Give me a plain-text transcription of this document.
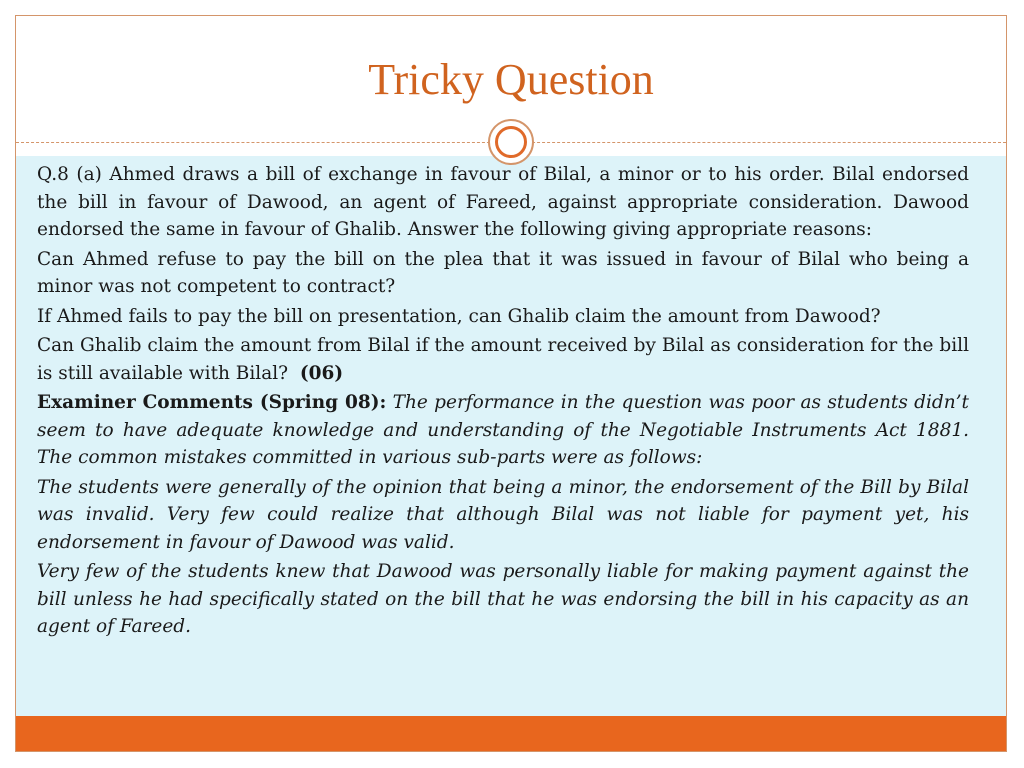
Tricky Question

Q.8 (a) Ahmed draws a bill of exchange in favour of Bilal, a minor or to his order. Bilal endorsed the bill in favour of Dawood, an agent of Fareed, against appropriate consideration. Dawood endorsed the same in favour of Ghalib. Answer the following giving appropriate reasons:

Can Ahmed refuse to pay the bill on the plea that it was issued in favour of Bilal who being a minor was not competent to contract?

If Ahmed fails to pay the bill on presentation, can Ghalib claim the amount from Dawood?

Can Ghalib claim the amount from Bilal if the amount received by Bilal as consideration for the bill is still available with Bilal? (06)

Examiner Comments (Spring 08): The performance in the question was poor as students didn’t seem to have adequate knowledge and understanding of the Negotiable Instruments Act 1881. The common mistakes committed in various sub-parts were as follows:

The students were generally of the opinion that being a minor, the endorsement of the Bill by Bilal was invalid. Very few could realize that although Bilal was not liable for payment yet, his endorsement in favour of Dawood was valid.

Very few of the students knew that Dawood was personally liable for making payment against the bill unless he had specifically stated on the bill that he was endorsing the bill in his capacity as an agent of Fareed.
